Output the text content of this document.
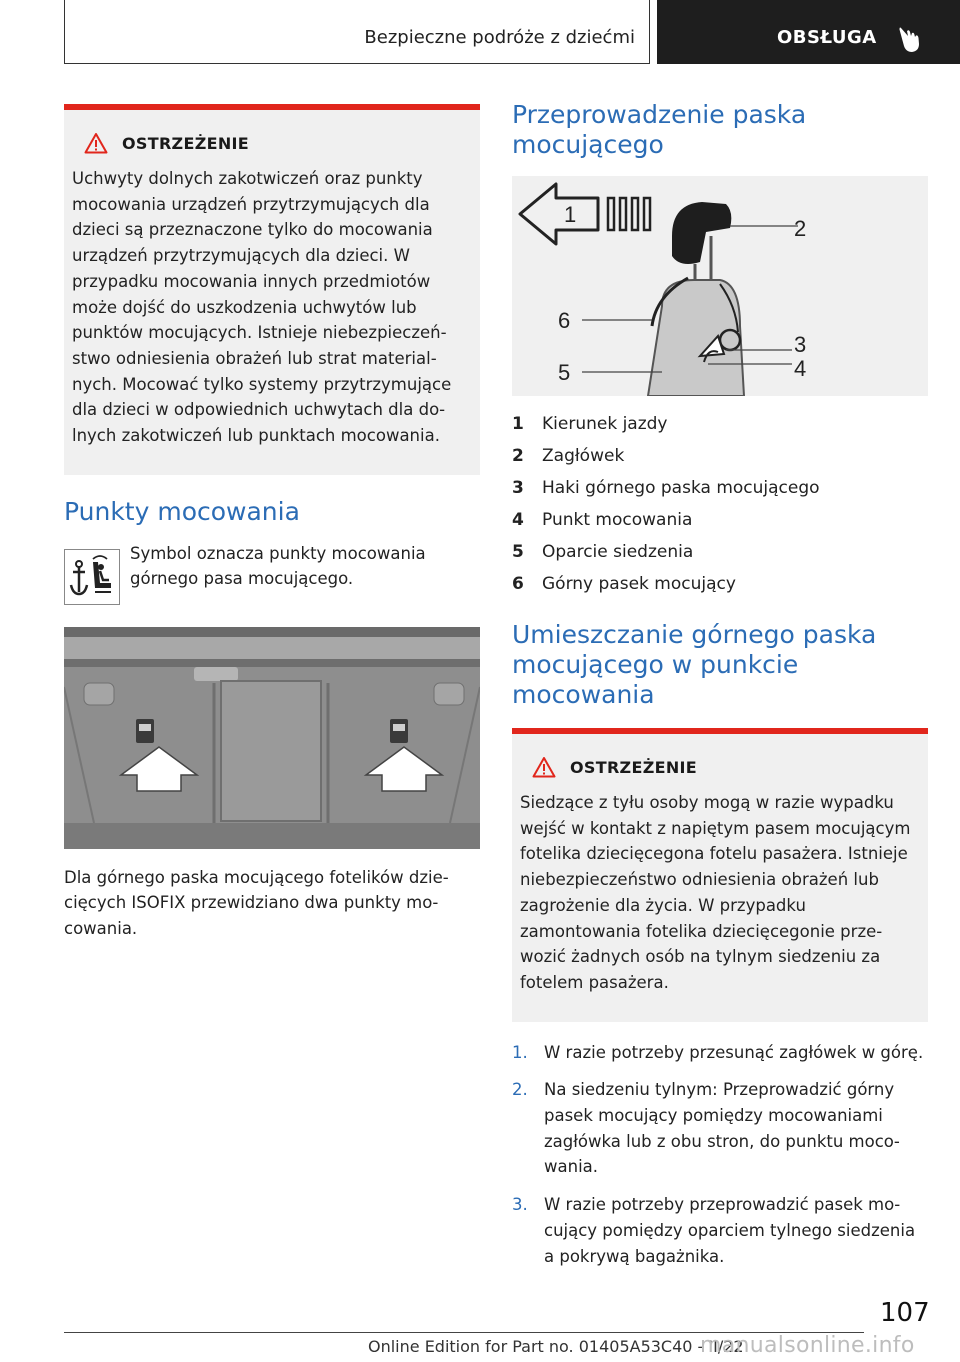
Bezpieczne podróże z dziećmi	OBSŁUGA
OSTRZEŻENIE

Uchwyty dolnych zakotwiczeń oraz punkty mocowania urządzeń przytrzymujących dla dzieci są przeznaczone tylko do mocowania urządzeń przytrzymujących dla dzieci. W przypadku mocowania innych przedmiotów może dojść do uszkodzenia uchwytów lub punktów mocujących. Istnieje niebezpieczeństwo odniesienia obrażeń lub strat materialnych. Mocować tylko systemy przytrzymujące dla dzieci w odpowiednich uchwytach dla dolnych zakotwiczeń lub punktach mocowania.

Punkty mocowania

Symbol oznacza punkty mocowania górnego pasa mocującego.

Dla górnego paska mocującego fotelików dziecięcych ISOFIX przewidziano dwa punkty mocowania.

Przeprowadzenie paska mocującego
1
2
6
3
5	4
1	Kierunek jazdy
2	Zagłówek
3	Haki górnego paska mocującego
4	Punkt mocowania
5	Oparcie siedzenia
6	Górny pasek mocujący
Umieszczanie górnego paska mocującego w punkcie mocowania
OSTRZEŻENIE

Siedzące z tyłu osoby mogą w razie wypadku wejść w kontakt z napiętym pasem mocującym fotelika dziecięcegona fotelu pasażera. Istnieje niebezpieczeństwo odniesienia obrażeń lub zagrożenie dla życia. W przypadku zamontowania fotelika dziecięcegonie przewozić żadnych osób na tylnym siedzeniu za fotelem pasażera.

1. W razie potrzeby przesunąć zagłówek w górę.
2. Na siedzeniu tylnym: Przeprowadzić górny pasek mocujący pomiędzy mocowaniami zagłówka lub z obu stron, do punktu mocowania.
3. W razie potrzeby przeprowadzić pasek mocujący pomiędzy oparciem tylnego siedzenia a pokrywą bagażnika.
107
Online Edition for Part no. 01405A53C40 - II/22
manualsonline.info
